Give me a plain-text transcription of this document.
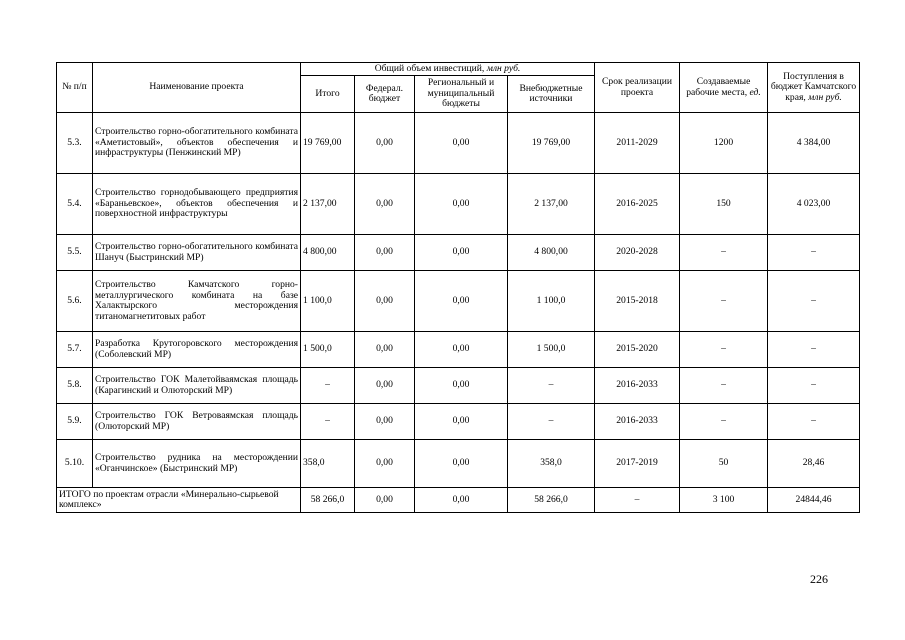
№ п/п	Наименование проекта	Общий объем инвестиций, млн руб.				Срок реализации проекта	Создаваемые рабочие места, ед.	Поступления в бюджет Камчатского края, млн руб.
		Итого	Федерал. бюджет	Региональный и муниципальный бюджеты	Внебюджетные источники			
5.3.	Строительство горно-обогатительного комбината «Аметистовый», объектов обеспечения и инфраструктуры (Пенжинский МР)	19 769,00	0,00	0,00	19 769,00	2011-2029	1200	4 384,00
5.4.	Строительство горнодобывающего предприятия «Бараньевское», объектов обеспечения и поверхностной инфраструктуры	2 137,00	0,00	0,00	2 137,00	2016-2025	150	4 023,00
5.5.	Строительство горно-обогатительного комбината Шануч (Быстринский МР)	4 800,00	0,00	0,00	4 800,00	2020-2028	–	–
5.6.	Строительство Камчатского горно-металлургического комбината на базе Халактырского месторождения титаномагнетитовых работ	1 100,0	0,00	0,00	1 100,0	2015-2018	–	–
5.7.	Разработка Крутогоровского месторождения (Соболевский МР)	1 500,0	0,00	0,00	1 500,0	2015-2020	–	–
5.8.	Строительство ГОК Малетойваямская площадь (Карагинский и Олюторский МР)	–	0,00	0,00	–	2016-2033	–	–
5.9.	Строительство ГОК Ветроваямская площадь (Олюторский МР)	–	0,00	0,00	–	2016-2033	–	–
5.10.	Строительство рудника на месторождении «Оганчинское» (Быстринский МР)	358,0	0,00	0,00	358,0	2017-2019	50	28,46
ИТОГО по проектам отрасли «Минерально-сырьевой комплекс»		58 266,0	0,00	0,00	58 266,0	–	3 100	24844,46
226
